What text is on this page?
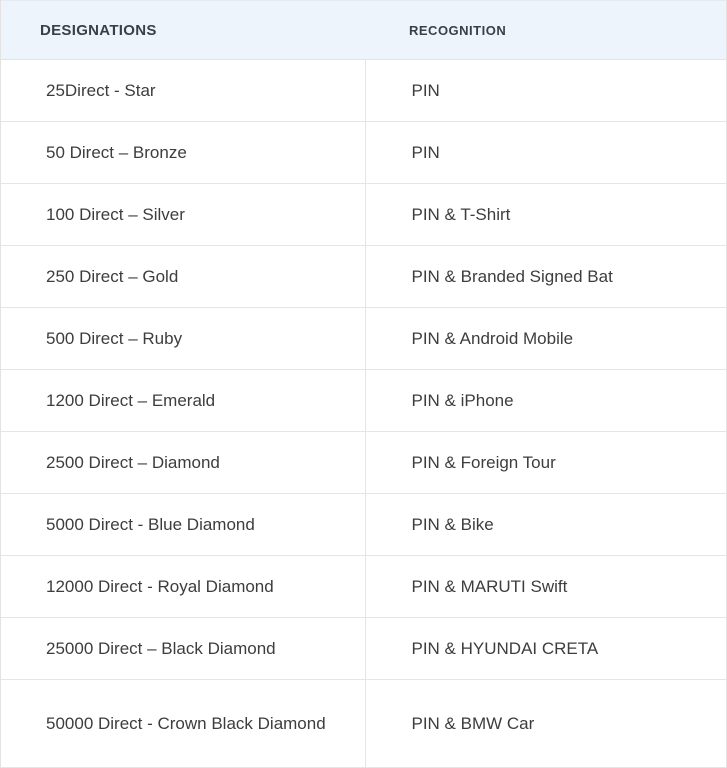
DESIGNATIONS	RECOGNITION
25Direct - Star	PIN
50 Direct – Bronze	PIN
100 Direct – Silver	PIN & T-Shirt
250 Direct – Gold	PIN & Branded Signed Bat
500 Direct – Ruby	PIN & Android Mobile
1200 Direct – Emerald	PIN & iPhone
2500 Direct – Diamond	PIN & Foreign Tour
5000 Direct - Blue Diamond	PIN & Bike
12000 Direct - Royal Diamond	PIN & MARUTI Swift
25000 Direct – Black Diamond	PIN & HYUNDAI CRETA
50000 Direct - Crown Black Diamond	PIN & BMW Car
